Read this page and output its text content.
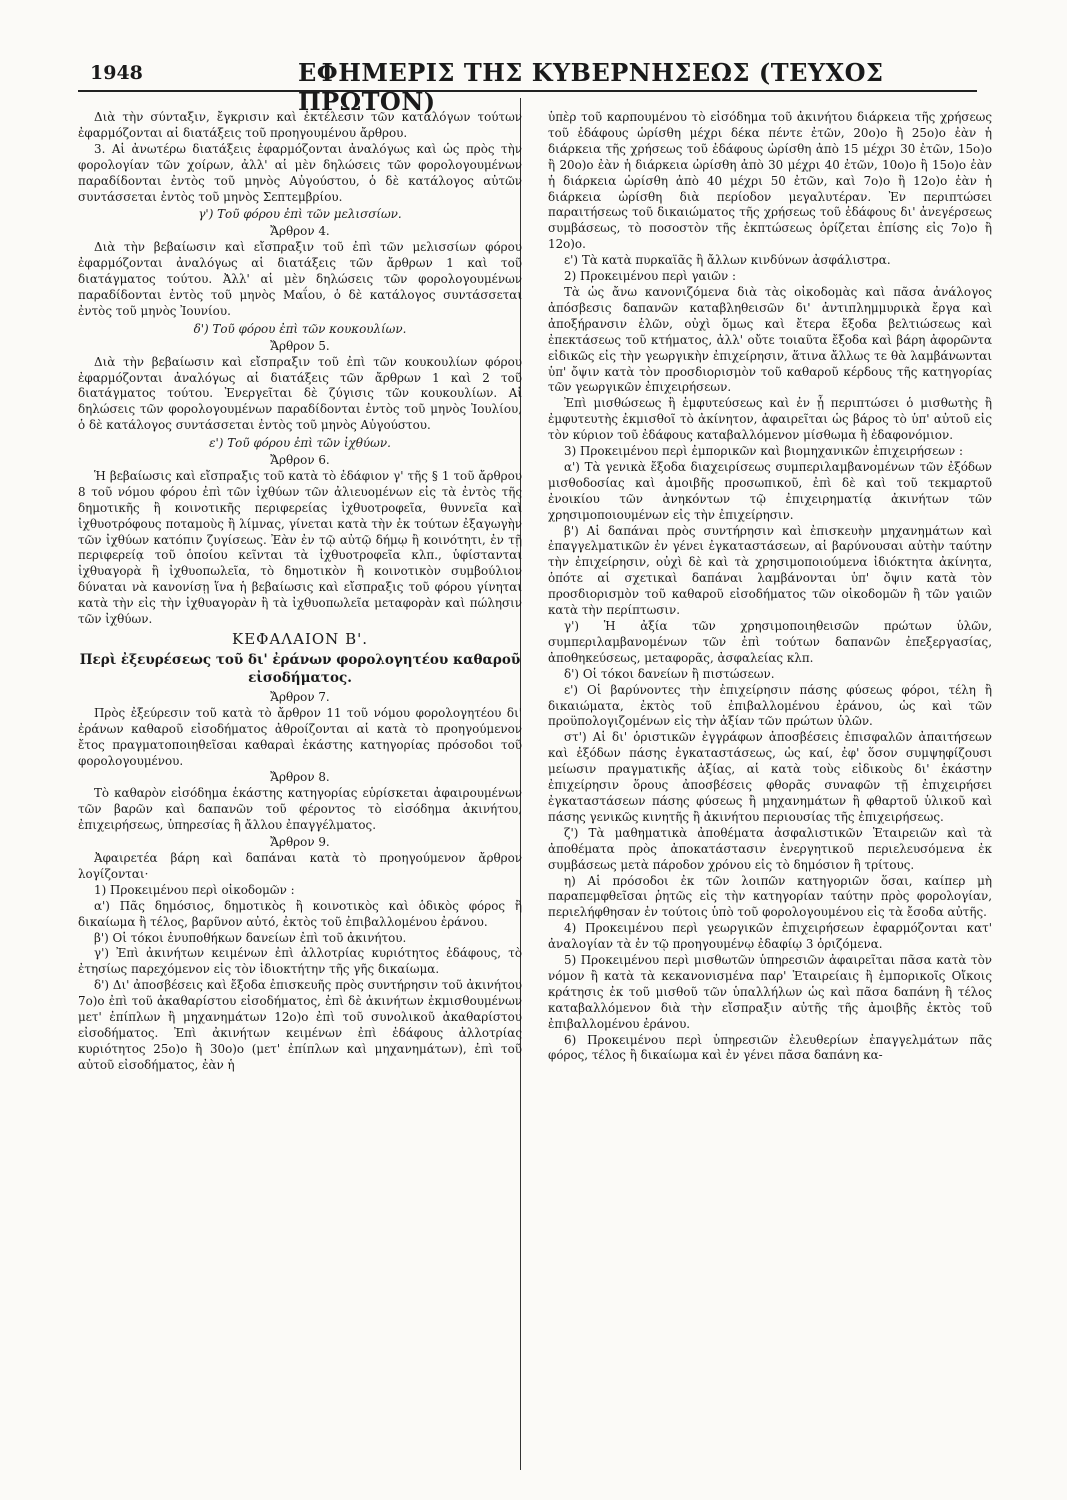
1948	ΕΦΗΜΕΡΙΣ ΤΗΣ ΚΥΒΕΡΝΗΣΕΩΣ (ΤΕΥΧΟΣ ΠΡΩΤΟΝ)

Διὰ τὴν σύνταξιν, ἔγκρισιν καὶ ἐκτέλεσιν τῶν καταλόγων τούτων ἐφαρμόζονται αἱ διατάξεις τοῦ προηγουμένου ἄρθρου.

3. Αἱ ἀνωτέρω διατάξεις ἐφαρμόζονται ἀναλόγως καὶ ὡς πρὸς τὴν φορολογίαν τῶν χοίρων, ἀλλ' αἱ μὲν δηλώσεις τῶν φορολογουμένων παραδίδονται ἐντὸς τοῦ μηνὸς Αὐγούστου, ὁ δὲ κατάλογος αὐτῶν συντάσσεται ἐντὸς τοῦ μηνὸς Σεπτεμβρίου.

γ') Τοῦ φόρου ἐπὶ τῶν μελισσίων.

Ἄρθρον 4.

Διὰ τὴν βεβαίωσιν καὶ εἴσπραξιν τοῦ ἐπὶ τῶν μελισσίων φόρου ἐφαρμόζονται ἀναλόγως αἱ διατάξεις τῶν ἄρθρων 1 καὶ τοῦ διατάγματος τούτου. Ἀλλ' αἱ μὲν δηλώσεις τῶν φορολογουμένων παραδίδονται ἐντὸς τοῦ μηνὸς Μαΐου, ὁ δὲ κατάλογος συντάσσεται ἐντὸς τοῦ μηνὸς Ἰουνίου.

δ') Τοῦ φόρου ἐπὶ τῶν κουκουλίων.

Ἄρθρον 5.

Διὰ τὴν βεβαίωσιν καὶ εἴσπραξιν τοῦ ἐπὶ τῶν κουκουλίων φόρου ἐφαρμόζονται ἀναλόγως αἱ διατάξεις τῶν ἄρθρων 1 καὶ 2 τοῦ διατάγματος τούτου. Ἐνεργεῖται δὲ ζύγισις τῶν κουκουλίων. Αἱ δηλώσεις τῶν φορολογουμένων παραδίδονται ἐντὸς τοῦ μηνὸς Ἰουλίου, ὁ δὲ κατάλογος συντάσσεται ἐντὸς τοῦ μηνὸς Αὐγούστου.

ε') Τοῦ φόρου ἐπὶ τῶν ἰχθύων.

Ἄρθρον 6.

Ἡ βεβαίωσις καὶ εἴσπραξις τοῦ κατὰ τὸ ἐδάφιον γ' τῆς § 1 τοῦ ἄρθρου 8 τοῦ νόμου φόρου ἐπὶ τῶν ἰχθύων τῶν ἀλιευομένων εἰς τὰ ἐντὸς τῆς δημοτικῆς ἢ κοινοτικῆς περιφερείας ἰχθυοτροφεῖα, θυννεῖα καὶ ἰχθυοτρόφους ποταμοὺς ἢ λίμνας, γίνεται κατὰ τὴν ἐκ τούτων ἐξαγωγὴν τῶν ἰχθύων κατόπιν ζυγίσεως. Ἐὰν ἐν τῷ αὐτῷ δήμῳ ἢ κοινότητι, ἐν τῇ περιφερείᾳ τοῦ ὁποίου κεῖνται τὰ ἰχθυοτροφεῖα κλπ., ὑφίστανται ἰχθυαγορὰ ἢ ἰχθυοπωλεῖα, τὸ δημοτικὸν ἢ κοινοτικὸν συμβούλιον δύναται νὰ κανονίσῃ ἵνα ἡ βεβαίωσις καὶ εἴσπραξις τοῦ φόρου γίνηται κατὰ τὴν εἰς τὴν ἰχθυαγορὰν ἢ τὰ ἰχθυοπωλεῖα μεταφορὰν καὶ πώλησιν τῶν ἰχθύων.

ΚΕΦΑΛΑΙΟΝ Β'.

Περὶ ἐξευρέσεως τοῦ δι' ἐράνων φορολογητέου καθαροῦ εἰσοδήματος.

Ἄρθρον 7.

Πρὸς ἐξεύρεσιν τοῦ κατὰ τὸ ἄρθρον 11 τοῦ νόμου φορολογητέου δι' ἐράνων καθαροῦ εἰσοδήματος ἀθροίζονται αἱ κατὰ τὸ προηγούμενον ἔτος πραγματοποιηθεῖσαι καθαραὶ ἑκάστης κατηγορίας πρόσοδοι τοῦ φορολογουμένου.

Ἄρθρον 8.

Τὸ καθαρὸν εἰσόδημα ἑκάστης κατηγορίας εὑρίσκεται ἀφαιρουμένων τῶν βαρῶν καὶ δαπανῶν τοῦ φέροντος τὸ εἰσόδημα ἀκινήτου, ἐπιχειρήσεως, ὑπηρεσίας ἢ ἄλλου ἐπαγγέλματος.

Ἄρθρον 9.

Ἀφαιρετέα βάρη καὶ δαπάναι κατὰ τὸ προηγούμενον ἄρθρον λογίζονται·

1) Προκειμένου περὶ οἰκοδομῶν :

α') Πᾶς δημόσιος, δημοτικὸς ἢ κοινοτικὸς καὶ ὁδικὸς φόρος ἢ δικαίωμα ἢ τέλος, βαρῦνον αὐτό, ἐκτὸς τοῦ ἐπιβαλλομένου ἐράνου.

β') Οἱ τόκοι ἐνυποθήκων δανείων ἐπὶ τοῦ ἀκινήτου.

γ') Ἐπὶ ἀκινήτων κειμένων ἐπὶ ἀλλοτρίας κυριότητος ἐδάφους, τὸ ἐτησίως παρεχόμενον εἰς τὸν ἰδιοκτήτην τῆς γῆς δικαίωμα.

δ') Δι' ἀποσβέσεις καὶ ἔξοδα ἐπισκευῆς πρὸς συντήρησιν τοῦ ἀκινήτου 7ο)ο ἐπὶ τοῦ ἀκαθαρίστου εἰσοδήματος, ἐπὶ δὲ ἀκινήτων ἐκμισθουμένων μετ' ἐπίπλων ἢ μηχανημάτων 12ο)ο ἐπὶ τοῦ συνολικοῦ ἀκαθαρίστου εἰσοδήματος. Ἐπὶ ἀκινήτων κειμένων ἐπὶ ἐδάφους ἀλλοτρίας κυριότητος 25ο)ο ἢ 30ο)ο (μετ' ἐπίπλων καὶ μηχανημάτων), ἐπὶ τοῦ αὐτοῦ εἰσοδήματος, ἐὰν ἡ

ὑπὲρ τοῦ καρπουμένου τὸ εἰσόδημα τοῦ ἀκινήτου διάρκεια τῆς χρήσεως τοῦ ἐδάφους ὡρίσθη μέχρι δέκα πέντε ἐτῶν, 20ο)ο ἢ 25ο)ο ἐὰν ἡ διάρκεια τῆς χρήσεως τοῦ ἐδάφους ὡρίσθη ἀπὸ 15 μέχρι 30 ἐτῶν, 15ο)ο ἢ 20ο)ο ἐὰν ἡ διάρκεια ὡρίσθη ἀπὸ 30 μέχρι 40 ἐτῶν, 10ο)ο ἢ 15ο)ο ἐὰν ἡ διάρκεια ὡρίσθη ἀπὸ 40 μέχρι 50 ἐτῶν, καὶ 7ο)ο ἢ 12ο)ο ἐὰν ἡ διάρκεια ὡρίσθη διὰ περίοδον μεγαλυτέραν. Ἐν περιπτώσει παραιτήσεως τοῦ δικαιώματος τῆς χρήσεως τοῦ ἐδάφους δι' ἀνεγέρσεως συμβάσεως, τὸ ποσοστὸν τῆς ἐκπτώσεως ὁρίζεται ἐπίσης εἰς 7ο)ο ἢ 12ο)ο.

ε') Τὰ κατὰ πυρκαϊᾶς ἢ ἄλλων κινδύνων ἀσφάλιστρα.

2) Προκειμένου περὶ γαιῶν :

Τὰ ὡς ἄνω κανονιζόμενα διὰ τὰς οἰκοδομὰς καὶ πᾶσα ἀνάλογος ἀπόσβεσις δαπανῶν καταβληθεισῶν δι' ἀντιπλημμυρικὰ ἔργα καὶ ἀποξήρανσιν ἑλῶν, οὐχὶ ὅμως καὶ ἔτερα ἔξοδα βελτιώσεως καὶ ἐπεκτάσεως τοῦ κτήματος, ἀλλ' οὔτε τοιαῦτα ἔξοδα καὶ βάρη ἀφορῶντα εἰδικῶς εἰς τὴν γεωργικὴν ἐπιχείρησιν, ἅτινα ἄλλως τε θὰ λαμβάνωνται ὑπ' ὄψιν κατὰ τὸν προσδιορισμὸν τοῦ καθαροῦ κέρδους τῆς κατηγορίας τῶν γεωργικῶν ἐπιχειρήσεων.

Ἐπὶ μισθώσεως ἢ ἐμφυτεύσεως καὶ ἐν ᾗ περιπτώσει ὁ μισθωτὴς ἢ ἐμφυτευτὴς ἐκμισθοῖ τὸ ἀκίνητον, ἀφαιρεῖται ὡς βάρος τὸ ὑπ' αὐτοῦ εἰς τὸν κύριον τοῦ ἐδάφους καταβαλλόμενον μίσθωμα ἢ ἐδαφονόμιον.

3) Προκειμένου περὶ ἐμπορικῶν καὶ βιομηχανικῶν ἐπιχειρήσεων :

α') Τὰ γενικὰ ἔξοδα διαχειρίσεως συμπεριλαμβανομένων τῶν ἐξόδων μισθοδοσίας καὶ ἀμοιβῆς προσωπικοῦ, ἐπὶ δὲ καὶ τοῦ τεκμαρτοῦ ἐνοικίου τῶν ἀνηκόντων τῷ ἐπιχειρηματίᾳ ἀκινήτων τῶν χρησιμοποιουμένων εἰς τὴν ἐπιχείρησιν.

β') Αἱ δαπάναι πρὸς συντήρησιν καὶ ἐπισκευὴν μηχανημάτων καὶ ἐπαγγελματικῶν ἐν γένει ἐγκαταστάσεων, αἱ βαρύνουσαι αὐτὴν ταύτην τὴν ἐπιχείρησιν, οὐχὶ δὲ καὶ τὰ χρησιμοποιούμενα ἰδιόκτητα ἀκίνητα, ὁπότε αἱ σχετικαὶ δαπάναι λαμβάνονται ὑπ' ὄψιν κατὰ τὸν προσδιορισμὸν τοῦ καθαροῦ εἰσοδήματος τῶν οἰκοδομῶν ἢ τῶν γαιῶν κατὰ τὴν περίπτωσιν.

γ') Ἡ ἀξία τῶν χρησιμοποιηθεισῶν πρώτων ὑλῶν, συμπεριλαμβανομένων τῶν ἐπὶ τούτων δαπανῶν ἐπεξεργασίας, ἀποθηκεύσεως, μεταφορᾶς, ἀσφαλείας κλπ.

δ') Οἱ τόκοι δανείων ἢ πιστώσεων.

ε') Οἱ βαρύνοντες τὴν ἐπιχείρησιν πάσης φύσεως φόροι, τέλη ἢ δικαιώματα, ἐκτὸς τοῦ ἐπιβαλλομένου ἐράνου, ὡς καὶ τῶν προϋπολογιζομένων εἰς τὴν ἀξίαν τῶν πρώτων ὑλῶν.

στ') Αἱ δι' ὁριστικῶν ἐγγράφων ἀποσβέσεις ἐπισφαλῶν ἀπαιτήσεων καὶ ἐξόδων πάσης ἐγκαταστάσεως, ὡς καί, ἐφ' ὅσον συμψηφίζουσι μείωσιν πραγματικῆς ἀξίας, αἱ κατὰ τοὺς εἰδικοὺς δι' ἑκάστην ἐπιχείρησιν ὅρους ἀποσβέσεις φθορᾶς συναφῶν τῇ ἐπιχειρήσει ἐγκαταστάσεων πάσης φύσεως ἢ μηχανημάτων ἢ φθαρτοῦ ὑλικοῦ καὶ πάσης γενικῶς κινητῆς ἢ ἀκινήτου περιουσίας τῆς ἐπιχειρήσεως.

ζ') Τὰ μαθηματικὰ ἀποθέματα ἀσφαλιστικῶν Ἑταιρειῶν καὶ τὰ ἀποθέματα πρὸς ἀποκατάστασιν ἐνεργητικοῦ περιελευσόμενα ἐκ συμβάσεως μετὰ πάροδον χρόνου εἰς τὸ δημόσιον ἢ τρίτους.

η) Αἱ πρόσοδοι ἐκ τῶν λοιπῶν κατηγοριῶν ὅσαι, καίπερ μὴ παραπεμφθεῖσαι ῥητῶς εἰς τὴν κατηγορίαν ταύτην πρὸς φορολογίαν, περιελήφθησαν ἐν τούτοις ὑπὸ τοῦ φορολογουμένου εἰς τὰ ἔσοδα αὐτῆς.

4) Προκειμένου περὶ γεωργικῶν ἐπιχειρήσεων ἐφαρμόζονται κατ' ἀναλογίαν τὰ ἐν τῷ προηγουμένῳ ἐδαφίῳ 3 ὁριζόμενα.

5) Προκειμένου περὶ μισθωτῶν ὑπηρεσιῶν ἀφαιρεῖται πᾶσα κατὰ τὸν νόμον ἢ κατὰ τὰ κεκανονισμένα παρ' Ἑταιρείαις ἢ ἐμπορικοῖς Οἴκοις κράτησις ἐκ τοῦ μισθοῦ τῶν ὑπαλλήλων ὡς καὶ πᾶσα δαπάνη ἢ τέλος καταβαλλόμενον διὰ τὴν εἴσπραξιν αὐτῆς τῆς ἀμοιβῆς ἐκτὸς τοῦ ἐπιβαλλομένου ἐράνου.

6) Προκειμένου περὶ ὑπηρεσιῶν ἐλευθερίων ἐπαγγελμάτων πᾶς φόρος, τέλος ἢ δικαίωμα καὶ ἐν γένει πᾶσα δαπάνη κα-
